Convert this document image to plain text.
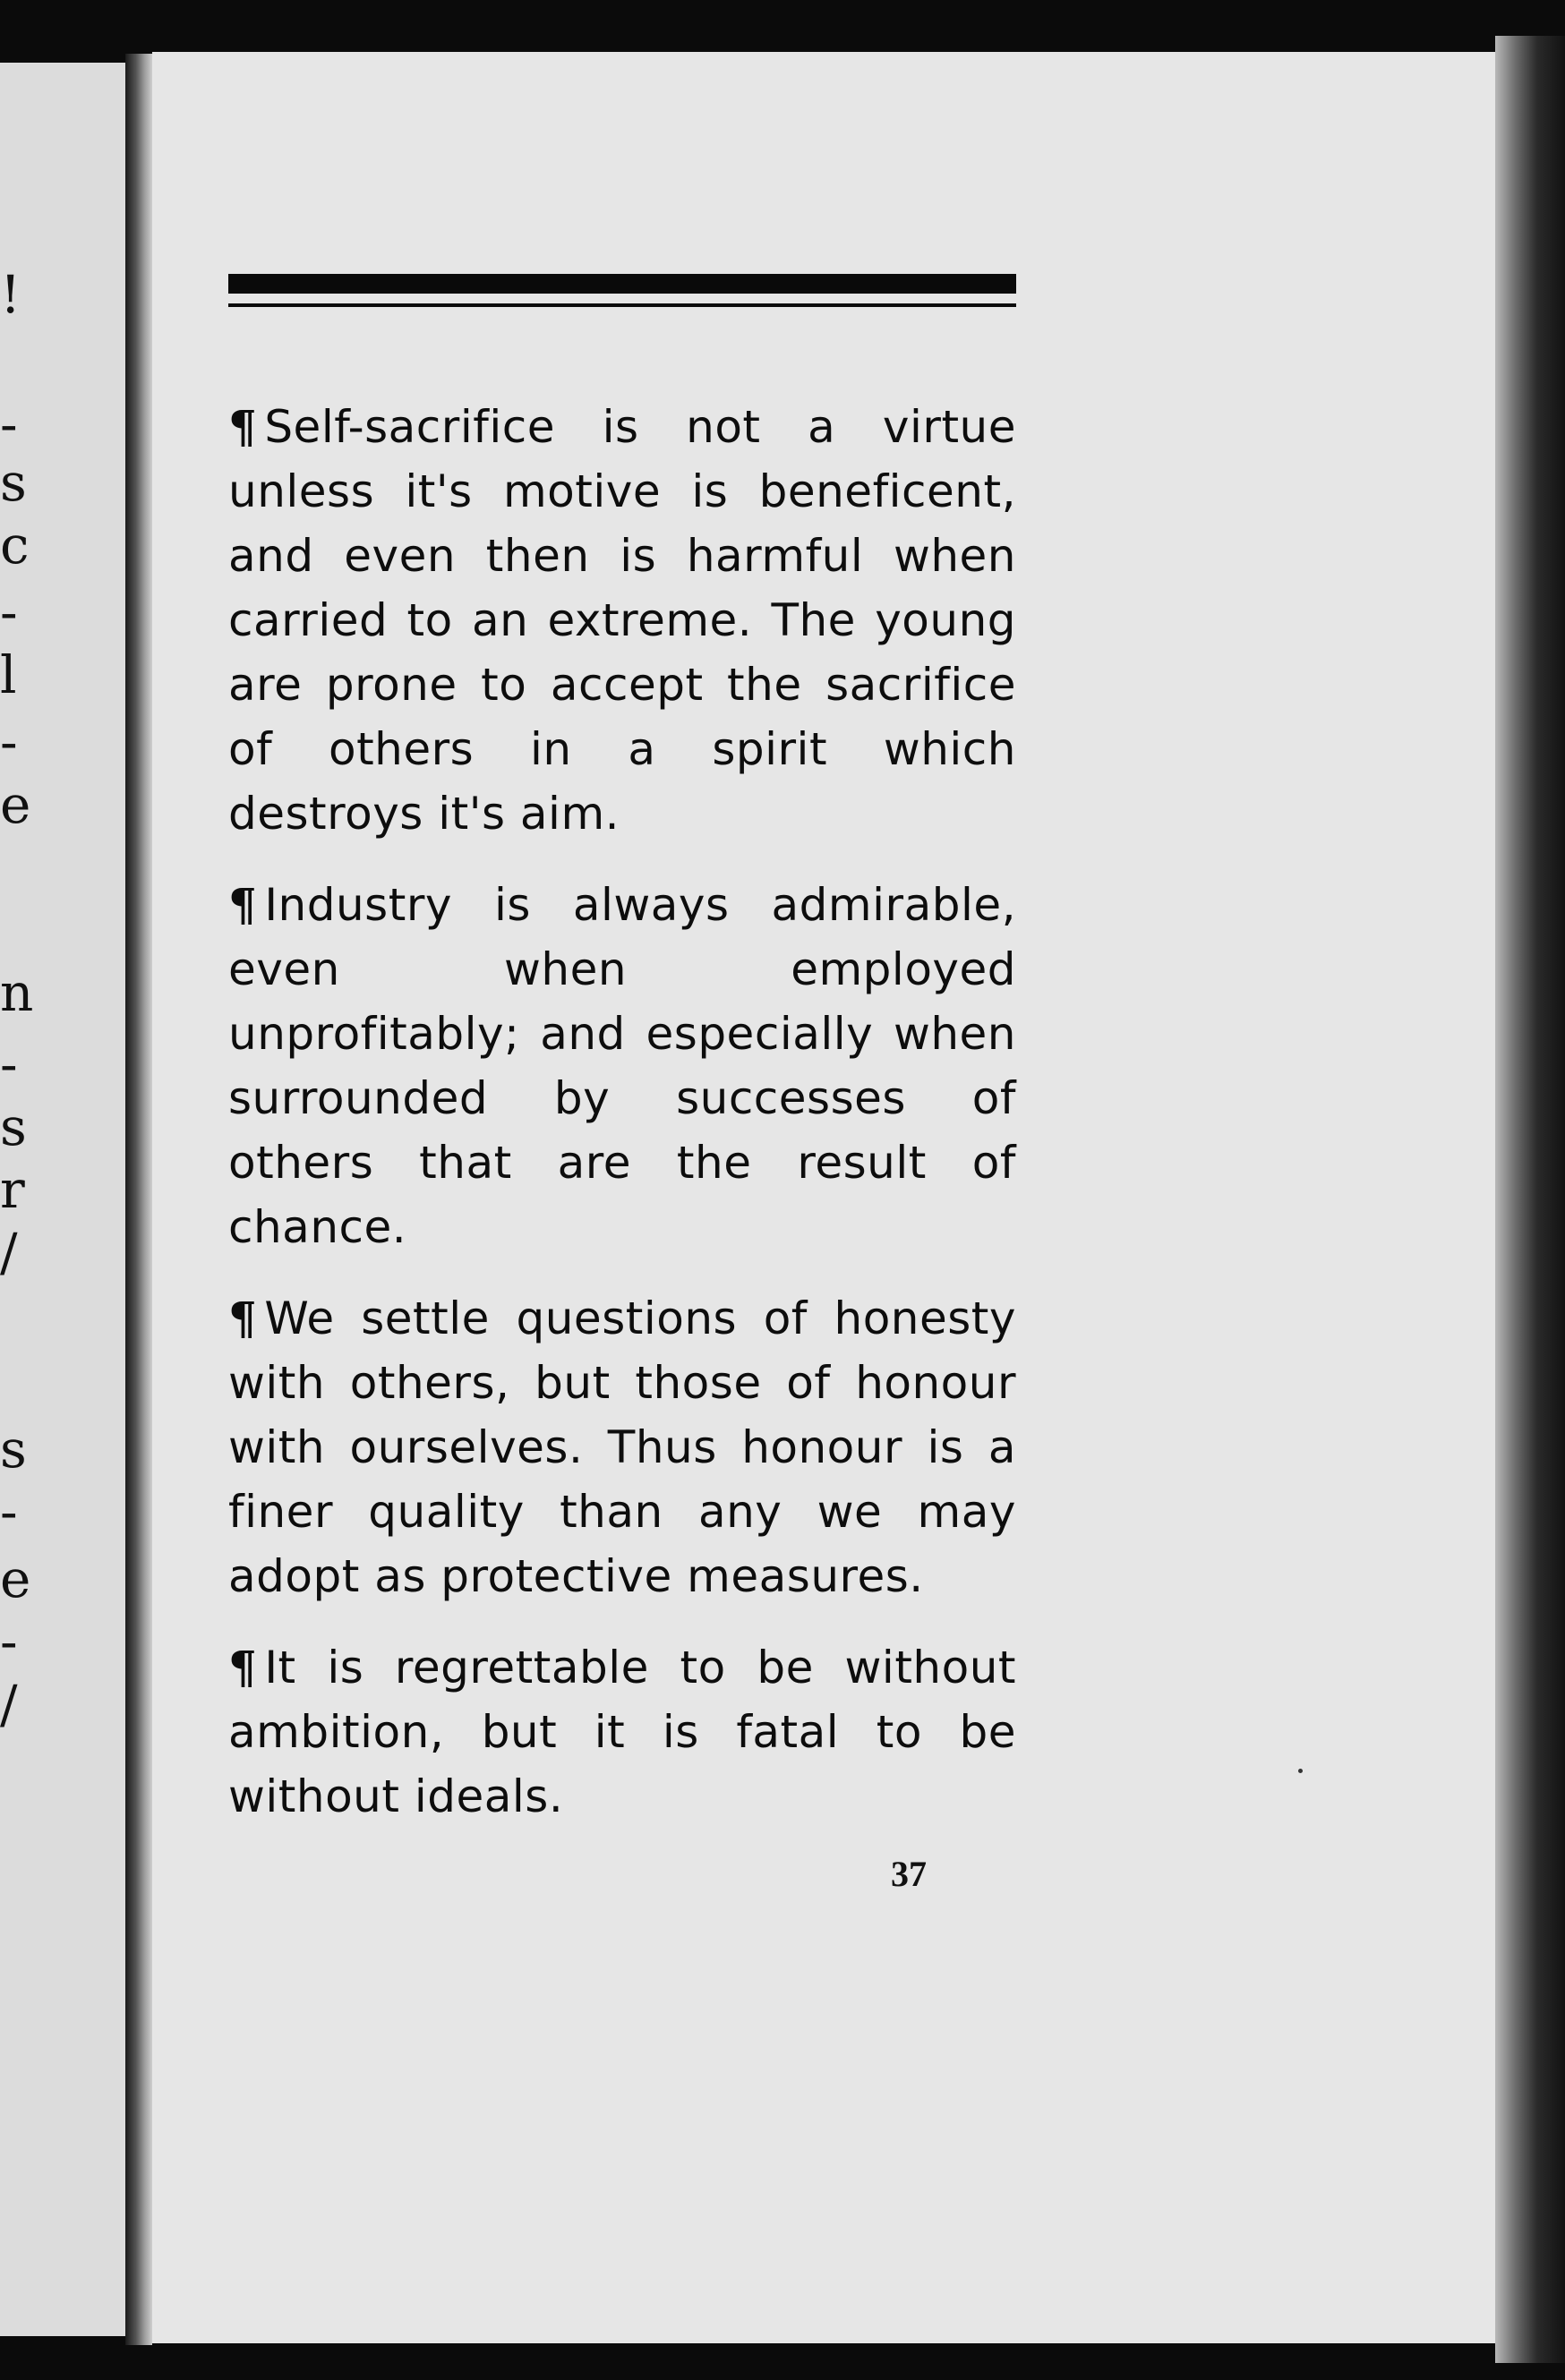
!
-
s
c
-
l
-
e
n
-
s
r
/
s
-
e
-
/

¶ Self-sacrifice is not a virtue unless it's motive is beneficent, and even then is harmful when carried to an extreme. The young are prone to accept the sacrifice of others in a spirit which destroys it's aim.

¶ Industry is always admirable, even when employed unprofitably; and especially when surrounded by successes of others that are the result of chance.

¶ We settle questions of honesty with others, but those of honour with ourselves. Thus honour is a finer quality than any we may adopt as protective measures.

¶ It is regrettable to be without ambition, but it is fatal to be without ideals.

37
